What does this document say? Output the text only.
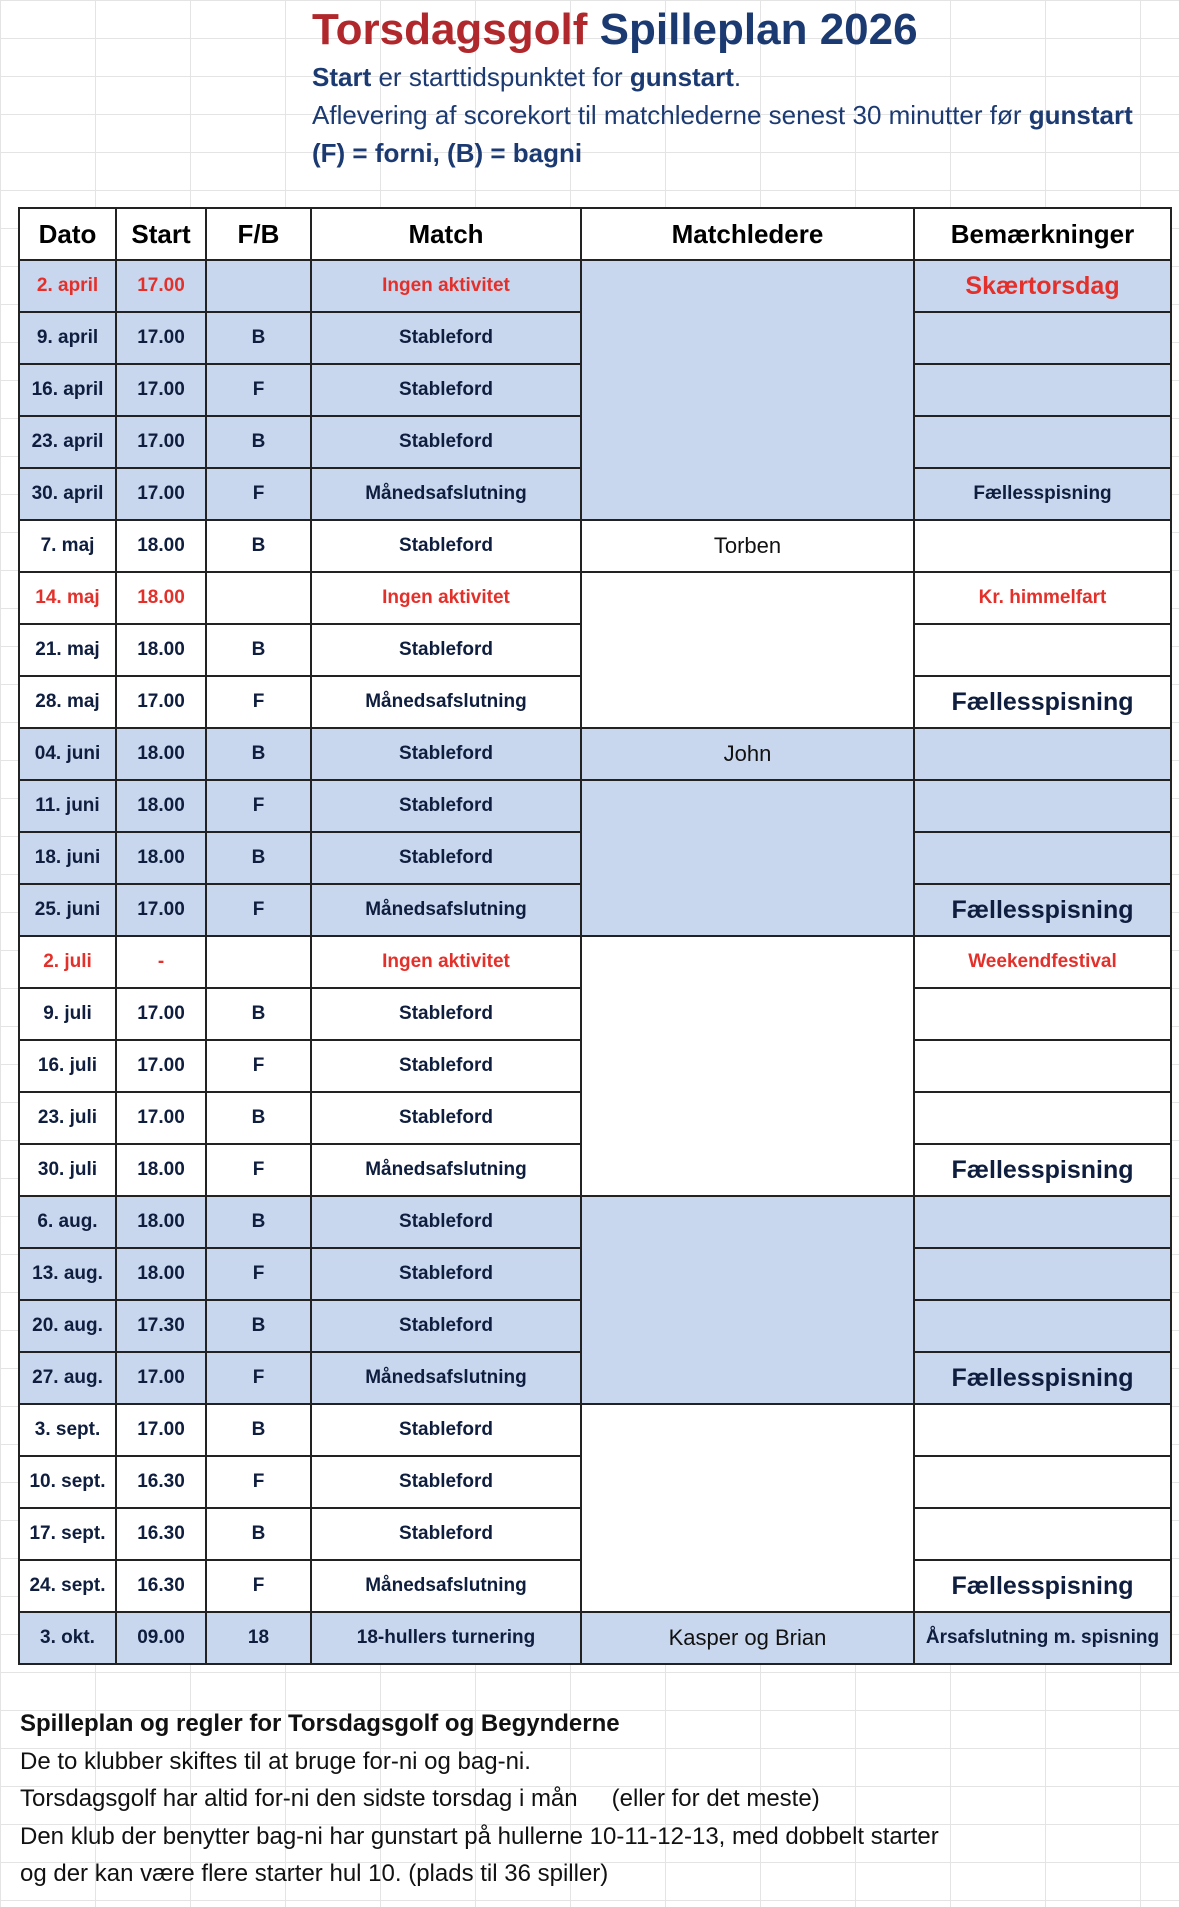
Torsdagsgolf Spilleplan 2026
Start er starttidspunktet for gunstart.
Aflevering af scorekort til matchlederne senest 30 minutter før gunstart
(F) = forni, (B) = bagni
Dato	Start	F/B	Match	Matchledere	Bemærkninger
2. april	17.00		Ingen aktivitet		Skærtorsdag
9. april	17.00	B	Stableford		
16. april	17.00	F	Stableford		
23. april	17.00	B	Stableford		
30. april	17.00	F	Månedsafslutning		Fællesspisning
7. maj	18.00	B	Stableford	Torben	
14. maj	18.00		Ingen aktivitet		Kr. himmelfart
21. maj	18.00	B	Stableford		
28. maj	17.00	F	Månedsafslutning		Fællesspisning
04. juni	18.00	B	Stableford	John	
11. juni	18.00	F	Stableford		
18. juni	18.00	B	Stableford		
25. juni	17.00	F	Månedsafslutning		Fællesspisning
2. juli	-		Ingen aktivitet		Weekendfestival
9. juli	17.00	B	Stableford		
16. juli	17.00	F	Stableford		
23. juli	17.00	B	Stableford		
30. juli	18.00	F	Månedsafslutning		Fællesspisning
6. aug.	18.00	B	Stableford		
13. aug.	18.00	F	Stableford		
20. aug.	17.30	B	Stableford		
27. aug.	17.00	F	Månedsafslutning		Fællesspisning
3. sept.	17.00	B	Stableford		
10. sept.	16.30	F	Stableford		
17. sept.	16.30	B	Stableford		
24. sept.	16.30	F	Månedsafslutning		Fællesspisning
3. okt.	09.00	18	18-hullers turnering	Kasper og Brian	Årsafslutning m. spisning
Spilleplan og regler for Torsdagsgolf og Begynderne
De to klubber skiftes til at bruge for-ni og bag-ni.
Torsdagsgolf har altid for-ni den sidste torsdag i mån (eller for det meste)
Den klub der benytter bag-ni har gunstart på hullerne 10-11-12-13, med dobbelt starter
og der kan være flere starter hul 10. (plads til 36 spiller)
